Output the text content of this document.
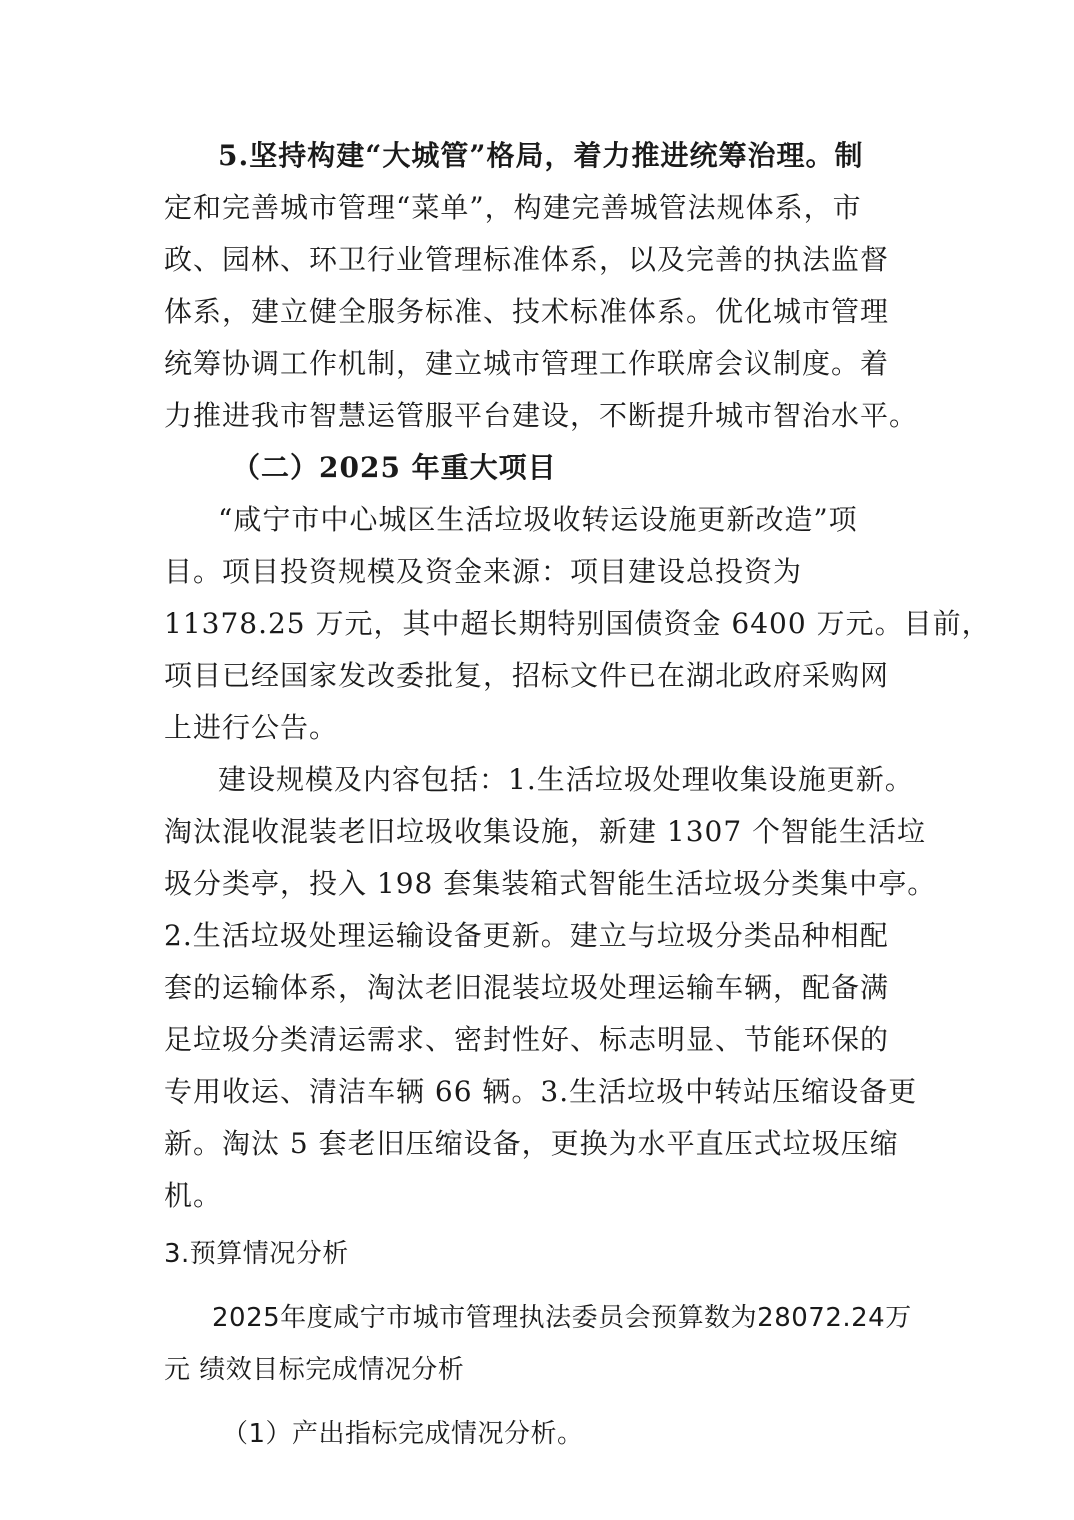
5.坚持构建“大城管”格局，着力推进统筹治理。制
定和完善城市管理“菜单”，构建完善城管法规体系，市
政、园林、环卫行业管理标准体系，以及完善的执法监督
体系，建立健全服务标准、技术标准体系。优化城市管理
统筹协调工作机制，建立城市管理工作联席会议制度。着
力推进我市智慧运管服平台建设，不断提升城市智治水平。
（二）2025 年重大项目
“咸宁市中心城区生活垃圾收转运设施更新改造”项
目。项目投资规模及资金来源：项目建设总投资为
11378.25 万元，其中超长期特别国债资金 6400 万元。目前，
项目已经国家发改委批复，招标文件已在湖北政府采购网
上进行公告。
建设规模及内容包括：1.生活垃圾处理收集设施更新。
淘汰混收混装老旧垃圾收集设施，新建 1307 个智能生活垃
圾分类亭，投入 198 套集装箱式智能生活垃圾分类集中亭。
2.生活垃圾处理运输设备更新。建立与垃圾分类品种相配
套的运输体系，淘汰老旧混装垃圾处理运输车辆，配备满
足垃圾分类清运需求、密封性好、标志明显、节能环保的
专用收运、清洁车辆 66 辆。3.生活垃圾中转站压缩设备更
新。淘汰 5 套老旧压缩设备，更换为水平直压式垃圾压缩
机。
3.预算情况分析
2025年度咸宁市城市管理执法委员会预算数为28072.24万
元 绩效目标完成情况分析
（1）产出指标完成情况分析。
